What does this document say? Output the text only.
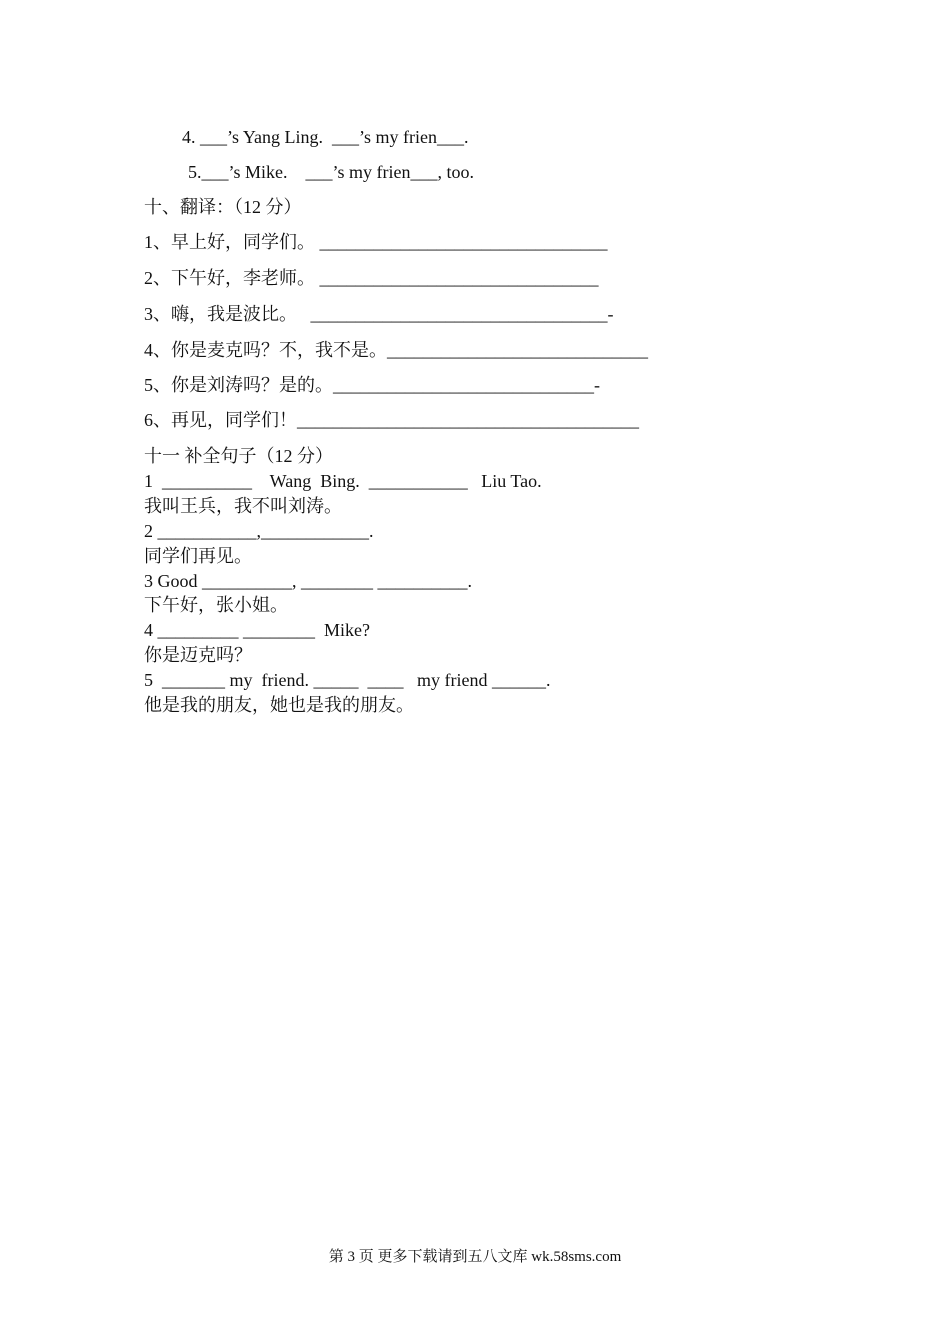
4. ___’s Yang Ling.  ___’s my frien___.
5.___’s Mike.    ___’s my frien___, too.
十、翻译：（12 分）
1、早上好，同学们。 ________________________________
2、下午好，李老师。 _______________________________
3、嗨，我是波比。   _________________________________-
4、你是麦克吗？不，我不是。_____________________________
5、你是刘涛吗？是的。_____________________________-
6、再见，同学们！______________________________________
十一 补全句子（12 分）
1  __________    Wang  Bing.  ___________   Liu Tao.
我叫王兵，我不叫刘涛。
2 ___________,____________.
同学们再见。
3 Good __________, ________ __________.
下午好，张小姐。
4 _________ ________  Mike?
你是迈克吗？
5  _______ my  friend. _____  ____   my friend ______.
他是我的朋友，她也是我的朋友。
第 3 页 更多下载请到五八文库 wk.58sms.com
